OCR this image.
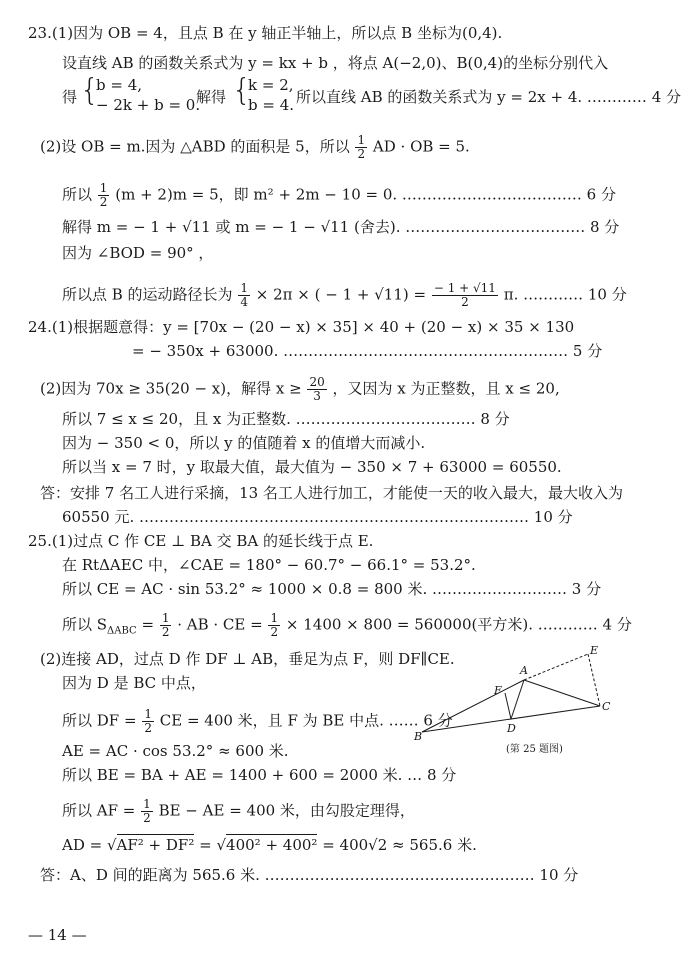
23.(1)因为 OB = 4，且点 B 在 y 轴正半轴上，所以点 B 坐标为(0,4).
设直线 AB 的函数关系式为 y = kx + b ，将点 A(−2,0)、B(0,4)的坐标分别代入
得 {
b = 4,
− 2k + b = 0.
解得 {
k = 2,
b = 4. 所以直线 AB 的函数关系式为 y = 2x + 4. ………… 4 分
(2)设 OB = m.因为 △ABD 的面积是 5，所以 $\frac{1}{2}$ AD · OB = 5.
所以 $\frac{1}{2} (m + 2)m = 5$，即 m² + 2m − 10 = 0. ……………………………… 6 分
解得 m = − 1 + √11 或 m = − 1 − √11 (舍去). ……………………………… 8 分
因为 ∠BOD = 90° ，
所以点 B 的运动路径长为 $\frac{1}{4} \times 2\pi$ × ( − $1 + √11) = \frac{- 1 + √11}{2} \pi$. ………… 10 分
24.(1)根据题意得：y = [70x − (20 − x) × 35] × 40 + (20 − x) × 35 × 130
= − 350x + 63000. ………………………………………………… 5 分
(2)因为 70x ≥ 35(20 − x)，解得 $x \ge \frac{20}{3}$ ，又因为 x 为正整数，且 x ≤ 20,
所以 7 ≤ x ≤ 20，且 x 为正整数. ……………………………… 8 分
因为 − 350 < 0，所以 y 的值随着 x 的值增大而减小.
所以当 x = 7 时，y 取最大值，最大值为 − 350 × 7 + 63000 = 60550.
答：安排 7 名工人进行采摘，13 名工人进行加工，才能使一天的收入最大，最大收入为
60550 元. …………………………………………………………………… 10 分
25.(1)过点 C 作 CE ⊥ BA 交 BA 的延长线于点 E.
在 RtΔAEC 中，∠CAE = 180° − 60.7° − 66.1° = 53.2°.
所以 CE = AC · sin 53.2° ≈ 1000 × 0.8 = 800 米. ……………………… 3 分
所以 $S_{\Delta ABC} = \frac{1}{2}$ · AB · CE = $\frac{1}{2} \times 1400 \times 800 = 560000$(平方米). ………… 4 分
(2)连接 AD，过点 D 作 DF ⊥ AB，垂足为点 F，则 DF∥CE.
因为 D 是 BC 中点，
所以 DF = $\frac{1}{2}$ CE = 400 米，且 F 为 BE 中点. …… 6 分
AE = AC · cos 53.2° ≈ 600 米.
所以 BE = BA + AE = 1400 + 600 = 2000 米. … 8 分
所以 AF = $\frac{1}{2}$ BE − AE = 400 米，由勾股定理得，
AD = √AF² + DF² = √400² + 400² = 400√2 ≈ 565.6 米.
答：A、D 间的距离为 565.6 米. ……………………………………………… 10 分
B
A
E
C
F
D
(第 25 题图)
— 14 —
